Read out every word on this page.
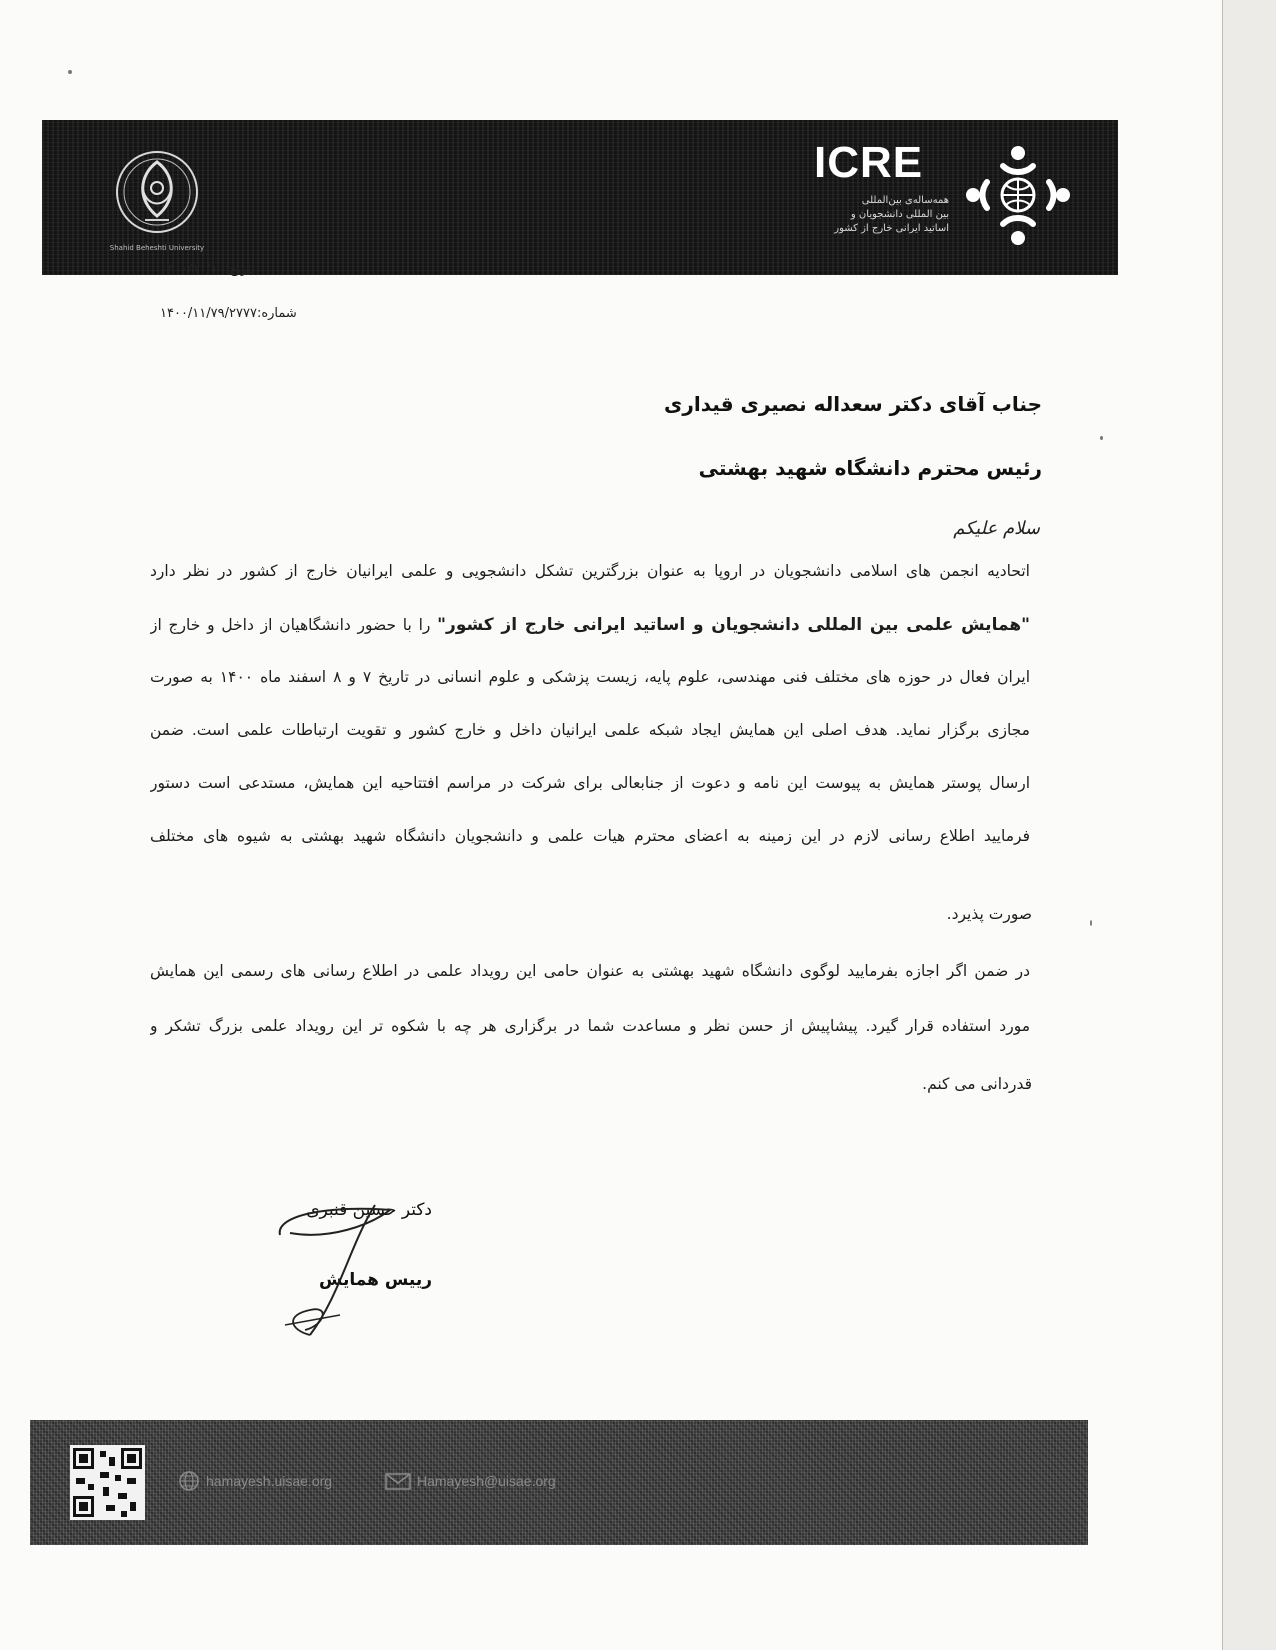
Shahid Beheshti University
ICRE
همه‌ساله‌ی بین‌المللی
بین المللی دانشجویان و
اساتید ایرانی خارج از کشور
تاریخ:۱۴۰۰/۱۱/۱۰
شماره:۱۴۰۰/۱۱/۷۹/۲۷۷۷
جناب آقای دکتر سعداله نصیری قیداری
رئیس محترم دانشگاه شهید بهشتی
سلام علیکم
اتحادیه انجمن های اسلامی دانشجویان در اروپا به عنوان بزرگترین تشکل دانشجویی و علمی ایرانیان خارج از کشور در نظر دارد
"همایش علمی بین المللی دانشجویان و اساتید ایرانی خارج از کشور" را با حضور دانشگاهیان از داخل و خارج از
ایران فعال در حوزه های مختلف فنی مهندسی، علوم پایه، زیست پزشکی و علوم انسانی در تاریخ ۷ و ۸ اسفند ماه ۱۴۰۰ به صورت
مجازی برگزار نماید. هدف اصلی این همایش ایجاد شبکه علمی ایرانیان داخل و خارج کشور و تقویت ارتباطات علمی است. ضمن
ارسال پوستر همایش به پیوست این نامه و دعوت از جنابعالی برای شرکت در مراسم افتتاحیه این همایش، مستدعی است دستور
فرمایید اطلاع رسانی لازم در این زمینه به اعضای محترم هیات علمی و دانشجویان دانشگاه شهید بهشتی به شیوه های مختلف
صورت پذیرد.
در ضمن اگر اجازه بفرمایید لوگوی دانشگاه شهید بهشتی به عنوان حامی این رویداد علمی در اطلاع رسانی های رسمی این همایش
مورد استفاده قرار گیرد. پیشاپیش از حسن نظر و مساعدت شما در برگزاری هر چه با شکوه تر این رویداد علمی بزرگ تشکر و
قدردانی می کنم.
دکتر حسین قنبری
رییس همایش
hamayesh.uisae.org	Hamayesh@uisae.org
